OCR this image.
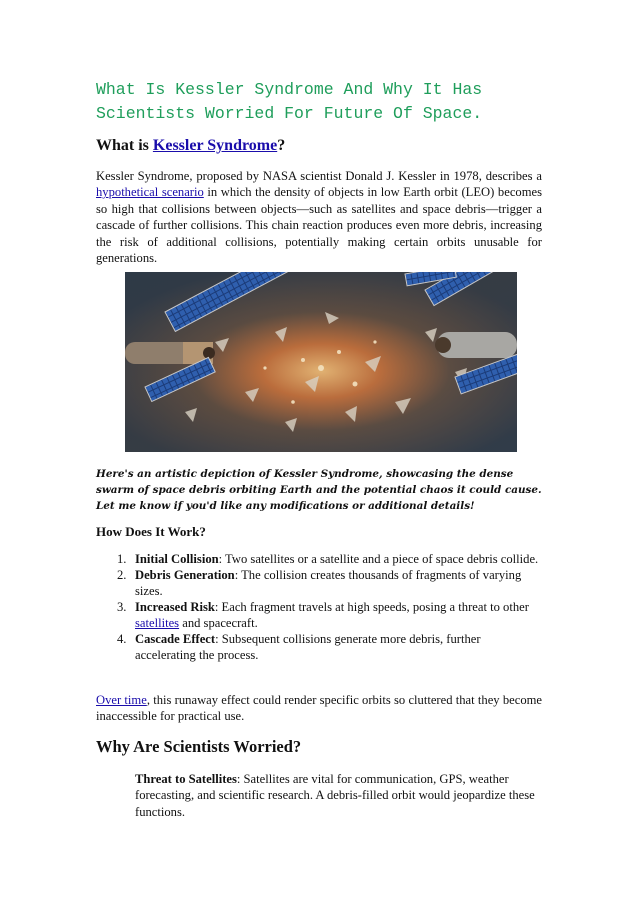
What Is Kessler Syndrome And Why It Has Scientists Worried For Future Of Space.
What is Kessler Syndrome?

Kessler Syndrome, proposed by NASA scientist Donald J. Kessler in 1978, describes a hypothetical scenario in which the density of objects in low Earth orbit (LEO) becomes so high that collisions between objects—such as satellites and space debris—trigger a cascade of further collisions. This chain reaction produces even more debris, increasing the risk of additional collisions, potentially making certain orbits unusable for generations.

Here's an artistic depiction of Kessler Syndrome, showcasing the dense swarm of space debris orbiting Earth and the potential chaos it could cause. Let me know if you'd like any modifications or additional details!

How Does It Work?
1. Initial Collision: Two satellites or a satellite and a piece of space debris collide.
2. Debris Generation: The collision creates thousands of fragments of varying sizes.
3. Increased Risk: Each fragment travels at high speeds, posing a threat to other satellites and spacecraft.
4. Cascade Effect: Subsequent collisions generate more debris, further accelerating the process.

Over time, this runaway effect could render specific orbits so cluttered that they become inaccessible for practical use.

Why Are Scientists Worried?

Threat to Satellites: Satellites are vital for communication, GPS, weather forecasting, and scientific research. A debris-filled orbit would jeopardize these functions.
